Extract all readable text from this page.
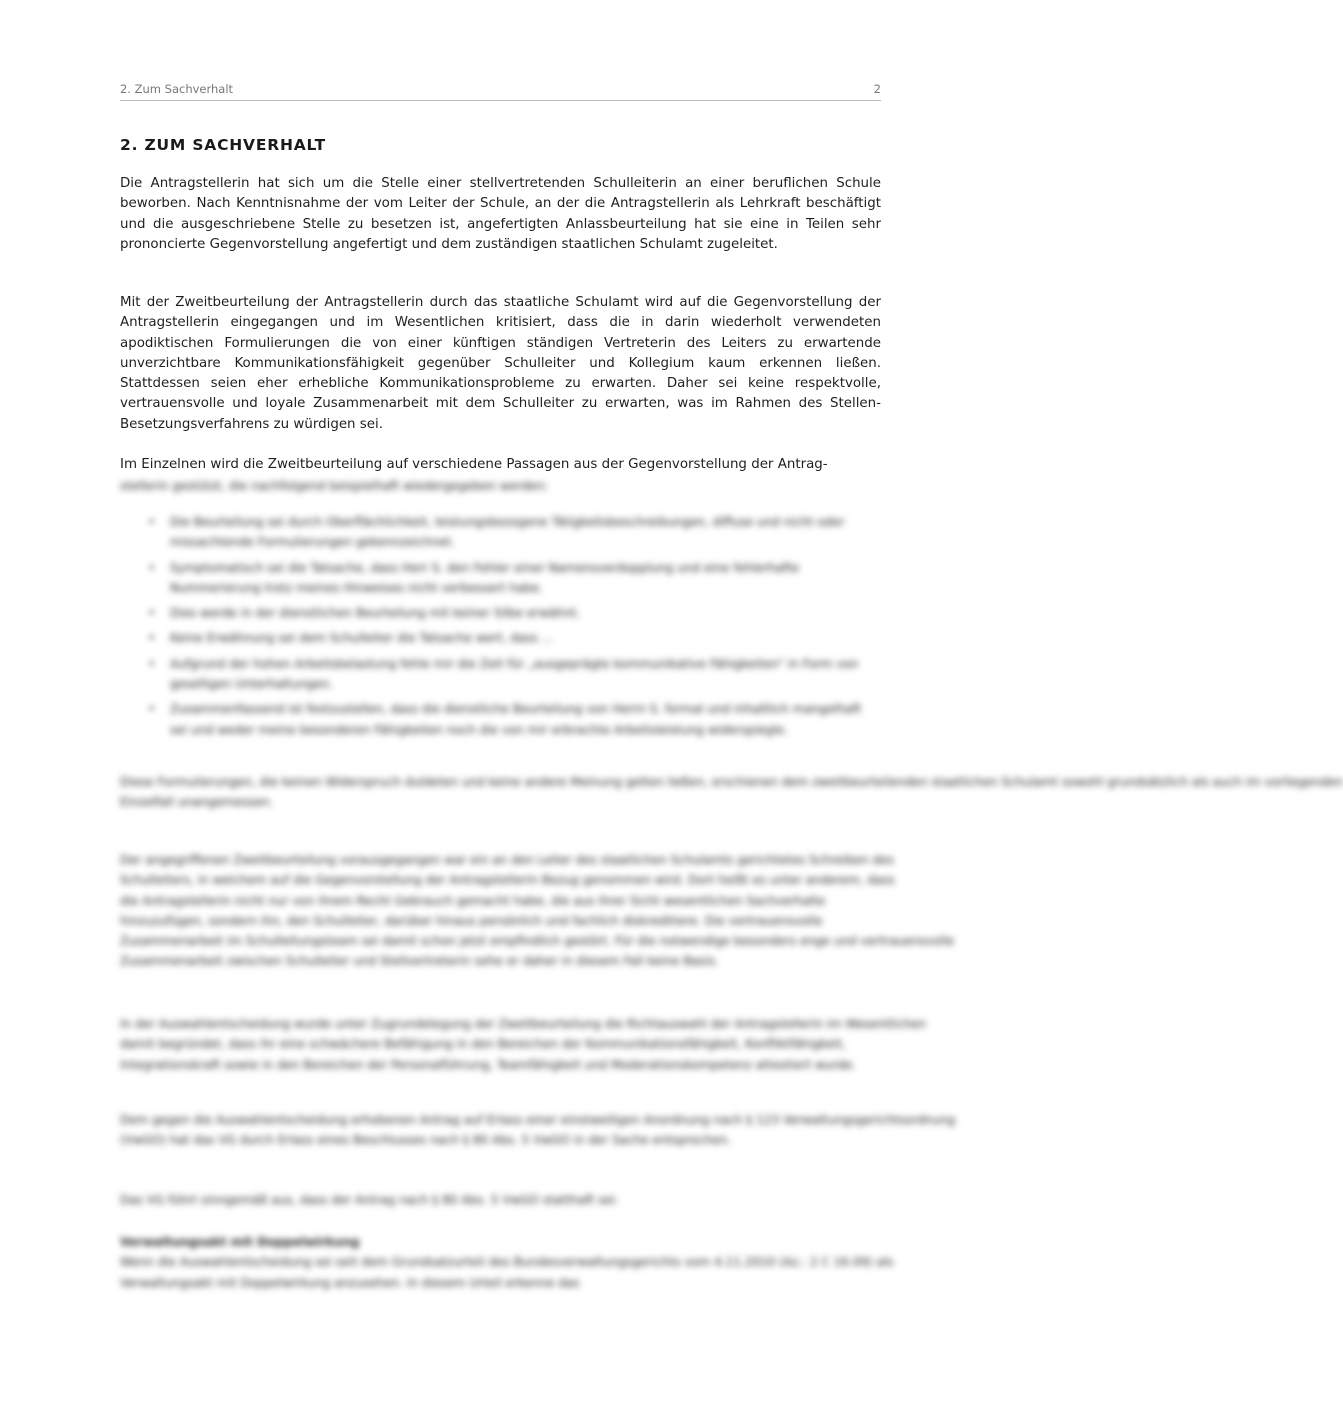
2. Zum Sachverhalt	2
2. ZUM SACHVERHALT

Die Antragstellerin hat sich um die Stelle einer stellvertretenden Schulleiterin an einer beruflichen Schule beworben. Nach Kenntnisnahme der vom Leiter der Schule, an der die Antragstellerin als Lehrkraft beschäftigt und die ausgeschriebene Stelle zu besetzen ist, angefertigten Anlassbeurteilung hat sie eine in Teilen sehr prononcierte Gegenvorstellung angefertigt und dem zuständigen staatlichen Schulamt zugeleitet.

Mit der Zweitbeurteilung der Antragstellerin durch das staatliche Schulamt wird auf die Gegenvorstellung der Antragstellerin eingegangen und im Wesentlichen kritisiert, dass die in darin wiederholt verwendeten apodiktischen Formulierungen die von einer künftigen ständigen Vertreterin des Leiters zu erwartende unverzichtbare Kommunikationsfähigkeit gegenüber Schulleiter und Kollegium kaum erkennen ließen. Stattdessen seien eher erhebliche Kommunikationsprobleme zu erwarten. Daher sei keine respektvolle, vertrauensvolle und loyale Zusammenarbeit mit dem Schulleiter zu erwarten, was im Rahmen des Stellen-Besetzungsverfahrens zu würdigen sei.

Im Einzelnen wird die Zweitbeurteilung auf verschiedene Passagen aus der Gegenvorstellung der Antrag-

stellerin gestützt, die nachfolgend beispielhaft wiedergegeben werden:
• Die Beurteilung sei durch Oberflächlichkeit, leistungsbezogene Tätigkeitsbeschreibungen, diffuse und nicht oder missachtende Formulierungen gekennzeichnet.
• Symptomatisch sei die Tatsache, dass Herr S. den Fehler einer Namensverdopplung und eine fehlerhafte Nummerierung trotz meines Hinweises nicht verbessert habe.
• Dies werde in der dienstlichen Beurteilung mit keiner Silbe erwähnt.
• Keine Erwähnung sei dem Schulleiter die Tatsache wert, dass ...
• Aufgrund der hohen Arbeitsbelastung fehle mir die Zeit für „ausgeprägte kommunikative Fähigkeiten“ in Form von geselligen Unterhaltungen.
• Zusammenfassend ist festzustellen, dass die dienstliche Beurteilung von Herrn S. formal und inhaltlich mangelhaft sei und weder meine besonderen Fähigkeiten noch die von mir erbrachte Arbeitsleistung widerspiegle.
Diese Formulierungen, die keinen Widerspruch duldeten und keine andere Meinung gelten ließen, erschienen dem zweitbeurteilenden staatlichen Schulamt sowohl grundsätzlich als auch im vorliegenden
Einzelfall unangemessen.
Der angegriffenen Zweitbeurteilung vorausgegangen war ein an den Leiter des staatlichen Schulamts gerichtetes Schreiben des
Schulleiters, in welchem auf die Gegenvorstellung der Antragstellerin Bezug genommen wird. Dort heißt es unter anderem, dass
die Antragstellerin nicht nur von ihrem Recht Gebrauch gemacht habe, die aus ihrer Sicht wesentlichen Sachverhalte
hinzuzufügen, sondern ihn, den Schulleiter, darüber hinaus persönlich und fachlich diskreditiere. Die vertrauensvolle
Zusammenarbeit im Schulleitungsteam sei damit schon jetzt empfindlich gestört. Für die notwendige besonders enge und vertrauensvolle
Zusammenarbeit zwischen Schulleiter und Stellvertreterin sehe er daher in diesem Fall keine Basis.
In der Auswahlentscheidung wurde unter Zugrundelegung der Zweitbeurteilung die Richtauswahl der Antragstellerin im Wesentlichen
damit begründet, dass ihr eine schwächere Befähigung in den Bereichen der Kommunikationsfähigkeit, Konfliktfähigkeit,
Integrationskraft sowie in den Bereichen der Personalführung, Teamfähigkeit und Moderationskompetenz attestiert wurde.
Dem gegen die Auswahlentscheidung erhobenen Antrag auf Erlass einer einstweiligen Anordnung nach § 123 Verwaltungsgerichtsordnung
(VwGO) hat das VG durch Erlass eines Beschlusses nach § 80 Abs. 5 VwGO in der Sache entsprochen.
Das VG führt sinngemäß aus, dass der Antrag nach § 80 Abs. 5 VwGO statthaft sei.
Verwaltungsakt mit Doppelwirkung
Wenn die Auswahlentscheidung sei seit dem Grundsatzurteil des Bundesverwaltungsgerichts vom 4.11.2010 (Az.: 2 C 16.09) als
Verwaltungsakt mit Doppelwirkung anzusehen. In diesem Urteil erkenne das
